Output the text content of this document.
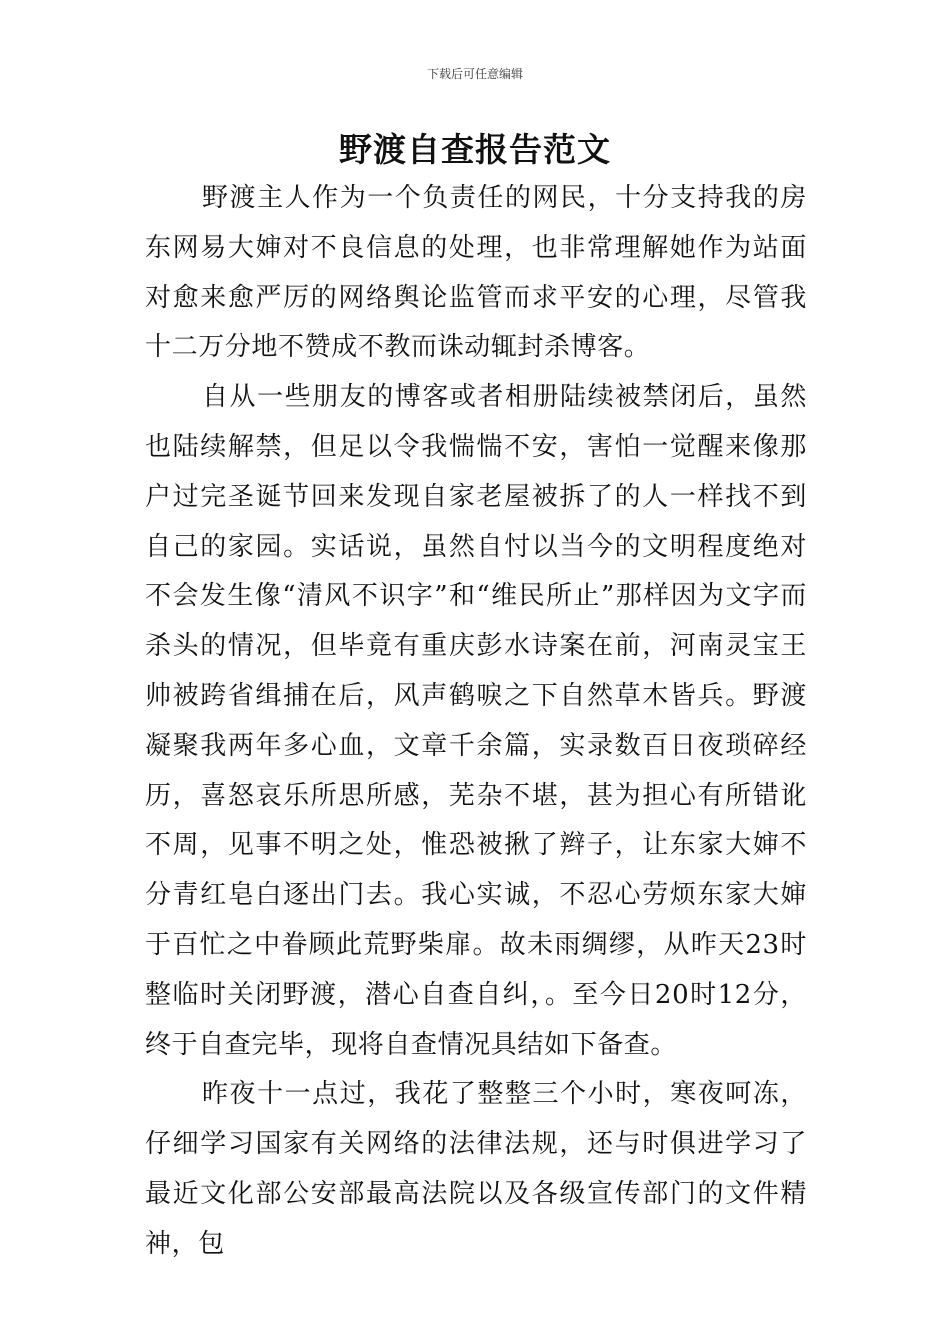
下载后可任意编辑
野渡自查报告范文

野渡主人作为一个负责任的网民，十分支持我的房东网易大婶对不良信息的处理，也非常理解她作为站面对愈来愈严厉的网络舆论监管而求平安的心理，尽管我十二万分地不赞成不教而诛动辄封杀博客。

自从一些朋友的博客或者相册陆续被禁闭后，虽然也陆续解禁，但足以令我惴惴不安，害怕一觉醒来像那户过完圣诞节回来发现自家老屋被拆了的人一样找不到自己的家园。实话说，虽然自忖以当今的文明程度绝对不会发生像“清风不识字”和“维民所止”那样因为文字而杀头的情况，但毕竟有重庆彭水诗案在前，河南灵宝王帅被跨省缉捕在后，风声鹤唳之下自然草木皆兵。野渡凝聚我两年多心血，文章千余篇，实录数百日夜琐碎经历，喜怒哀乐所思所感，芜杂不堪，甚为担心有所错讹不周，见事不明之处，惟恐被揪了辫子，让东家大婶不分青红皂白逐出门去。我心实诚，不忍心劳烦东家大婶于百忙之中眷顾此荒野柴扉。故未雨绸缪，从昨天23时整临时关闭野渡，潜心自查自纠，。至今日20时12分，终于自查完毕，现将自查情况具结如下备查。

昨夜十一点过，我花了整整三个小时，寒夜呵冻，仔细学习国家有关网络的法律法规，还与时俱进学习了最近文化部公安部最高法院以及各级宣传部门的文件精神，包
